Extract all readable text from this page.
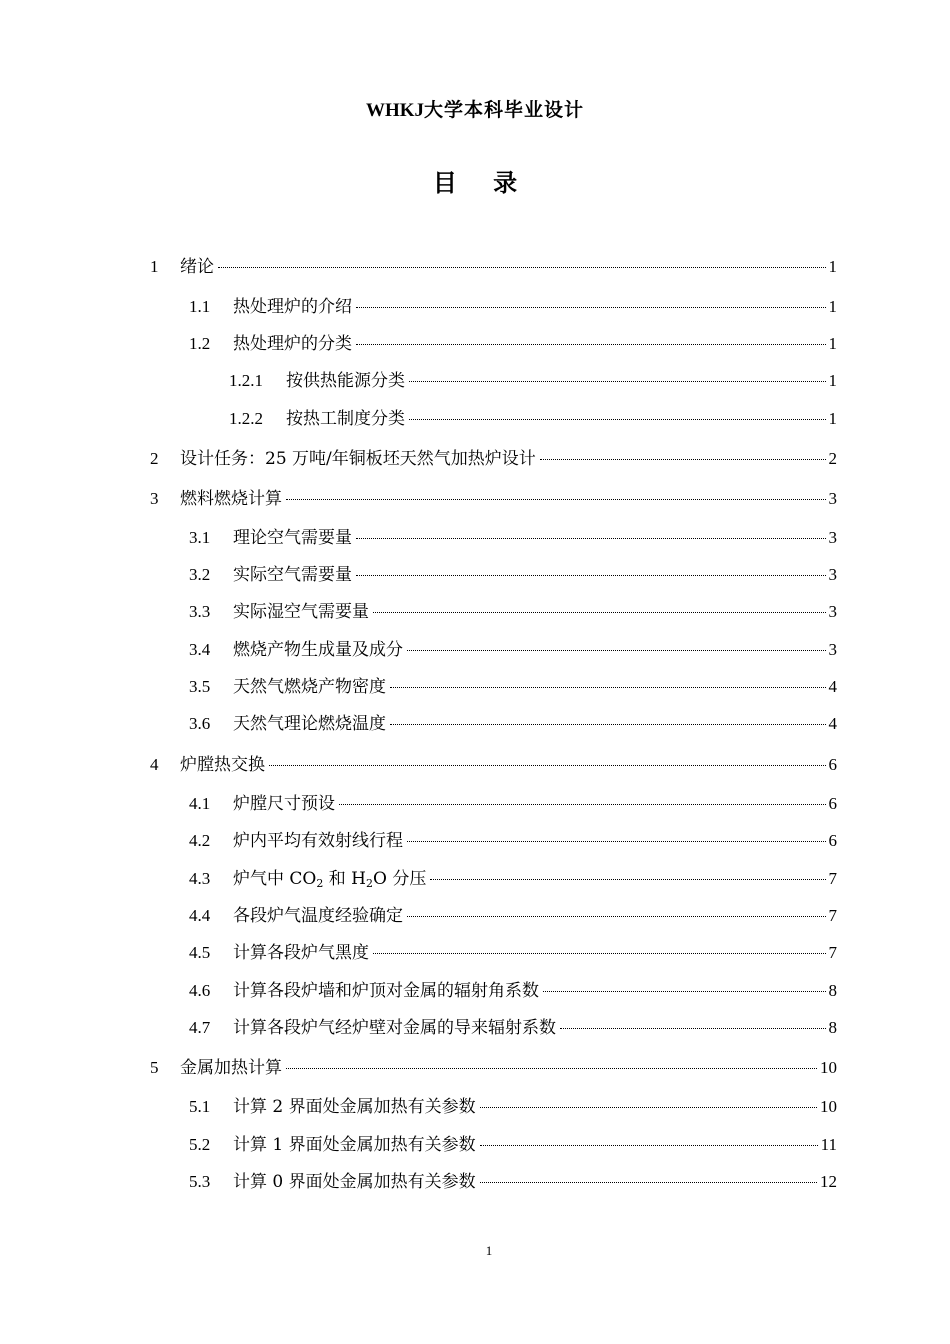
WHKJ大学本科毕业设计
目 录
1	绪论	1
1.1	热处理炉的介绍	1
1.2	热处理炉的分类	1
1.2.1	按供热能源分类	1
1.2.2	按热工制度分类	1
2	设计任务：25 万吨/年铜板坯天然气加热炉设计	2
3	燃料燃烧计算	3
3.1	理论空气需要量	3
3.2	实际空气需要量	3
3.3	实际湿空气需要量	3
3.4	燃烧产物生成量及成分	3
3.5	天然气燃烧产物密度	4
3.6	天然气理论燃烧温度	4
4	炉膛热交换	6
4.1	炉膛尺寸预设	6
4.2	炉内平均有效射线行程	6
4.3	炉气中 $CO_2$ 和 $H_2O$ 分压	7
4.4	各段炉气温度经验确定	7
4.5	计算各段炉气黑度	7
4.6	计算各段炉墙和炉顶对金属的辐射角系数	8
4.7	计算各段炉气经炉壁对金属的导来辐射系数	8
5	金属加热计算	10
5.1	计算 2 界面处金属加热有关参数	10
5.2	计算 1 界面处金属加热有关参数	11
5.3	计算 0 界面处金属加热有关参数	12
1
